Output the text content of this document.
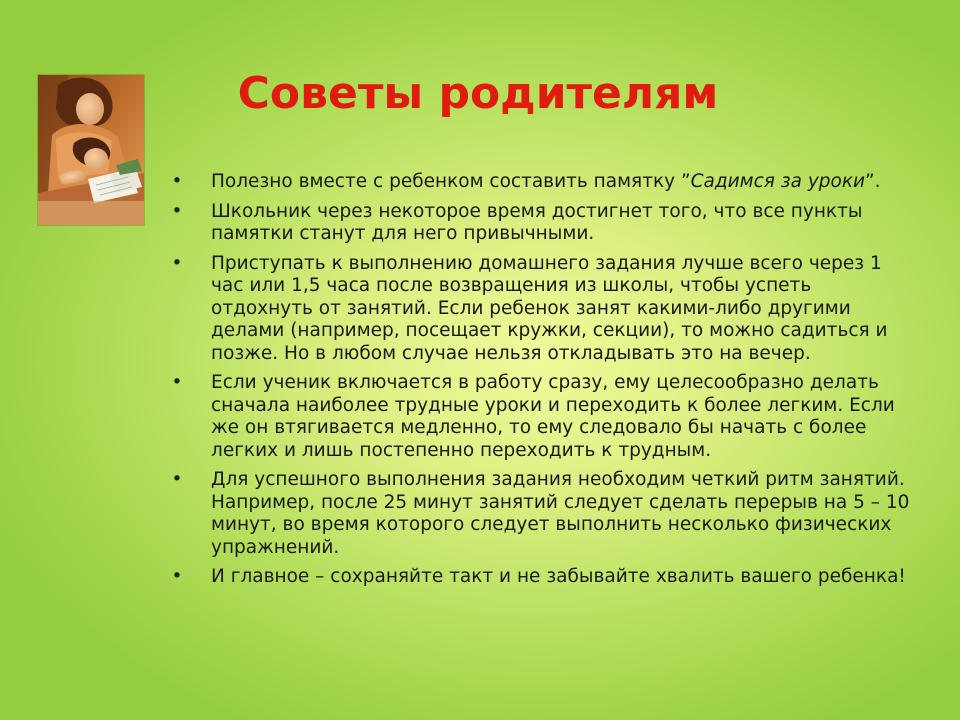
Советы родителям
• Полезно вместе с ребенком составить памятку ”Садимся за уроки”.
• Школьник через некоторое время достигнет того, что все пункты памятки станут для него привычными.
• Приступать к выполнению домашнего задания лучше всего через 1 час или 1,5 часа после возвращения из школы, чтобы успеть отдохнуть от занятий. Если ребенок занят какими-либо другими делами (например, посещает кружки, секции), то можно садиться и позже. Но в любом случае нельзя откладывать это на вечер.
• Если ученик включается в работу сразу, ему целесообразно делать сначала наиболее трудные уроки и переходить к более легким. Если же он втягивается медленно, то ему следовало бы начать с более легких и лишь постепенно переходить к трудным.
• Для успешного выполнения задания необходим четкий ритм занятий. Например, после 25 минут занятий следует сделать перерыв на 5 – 10 минут, во время которого следует выполнить несколько физических упражнений.
• И главное – сохраняйте такт и не забывайте хвалить вашего ребенка!
